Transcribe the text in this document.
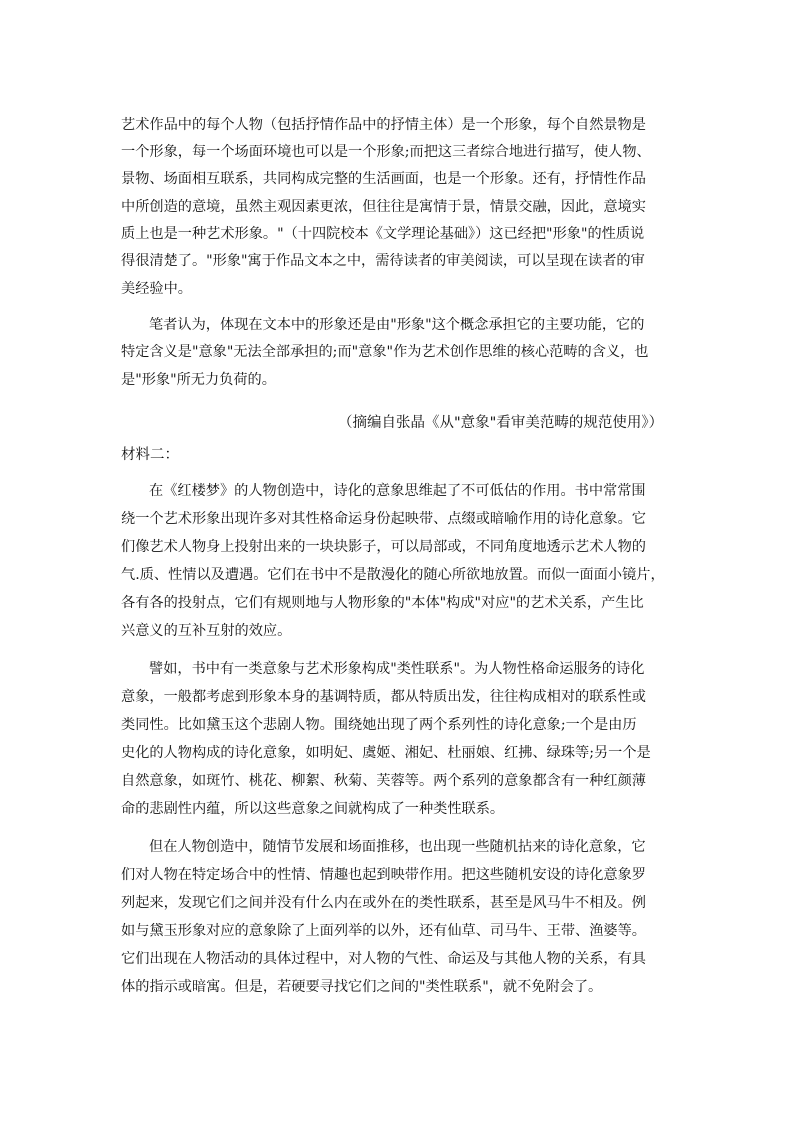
艺术作品中的每个人物（包括抒情作品中的抒情主体）是一个形象，每个自然景物是
一个形象，每一个场面环境也可以是一个形象;而把这三者综合地进行描写，使人物、
景物、场面相互联系，共同构成完整的生活画面，也是一个形象。还有，抒情性作品
中所创造的意境，虽然主观因素更浓，但往往是寓情于景，情景交融，因此，意境实
质上也是一种艺术形象。"（十四院校本《文学理论基础》）这已经把"形象"的性质说
得很清楚了。"形象"寓于作品文本之中，需待读者的审美阅读，可以呈现在读者的审
美经验中。
笔者认为，体现在文本中的形象还是由"形象"这个概念承担它的主要功能，它的
特定含义是"意象"无法全部承担的;而"意象"作为艺术创作思维的核心范畴的含义，也
是"形象"所无力负荷的。
（摘编自张晶《从"意象"看审美范畴的规范使用》）
材料二：
在《红楼梦》的人物创造中，诗化的意象思维起了不可低估的作用。书中常常围
绕一个艺术形象出现许多对其性格命运身份起映带、点缀或暗喻作用的诗化意象。它
们像艺术人物身上投射出来的一块块影子，可以局部或，不同角度地透示艺术人物的
气.质、性情以及遭遇。它们在书中不是散漫化的随心所欲地放置。而似一面面小镜片，
各有各的投射点，它们有规则地与人物形象的"本体"构成"对应"的艺术关系，产生比
兴意义的互补互射的效应。
譬如，书中有一类意象与艺术形象构成"类性联系"。为人物性格命运服务的诗化
意象，一般都考虑到形象本身的基调特质，都从特质出发，往往构成相对的联系性或
类同性。比如黛玉这个悲剧人物。围绕她出现了两个系列性的诗化意象;一个是由历
史化的人物构成的诗化意象，如明妃、虞姬、湘妃、杜丽娘、红拂、绿珠等;另一个是
自然意象，如斑竹、桃花、柳絮、秋菊、芙蓉等。两个系列的意象都含有一种红颜薄
命的悲剧性内蕴，所以这些意象之间就构成了一种类性联系。
但在人物创造中，随情节发展和场面推移，也出现一些随机拈来的诗化意象，它
们对人物在特定场合中的性情、情趣也起到映带作用。把这些随机安设的诗化意象罗
列起来，发现它们之间并没有什么内在或外在的类性联系，甚至是风马牛不相及。例
如与黛玉形象对应的意象除了上面列举的以外，还有仙草、司马牛、王带、渔婆等。
它们出现在人物活动的具体过程中，对人物的气性、命运及与其他人物的关系，有具
体的指示或暗寓。但是，若硬要寻找它们之间的"类性联系"，就不免附会了。
